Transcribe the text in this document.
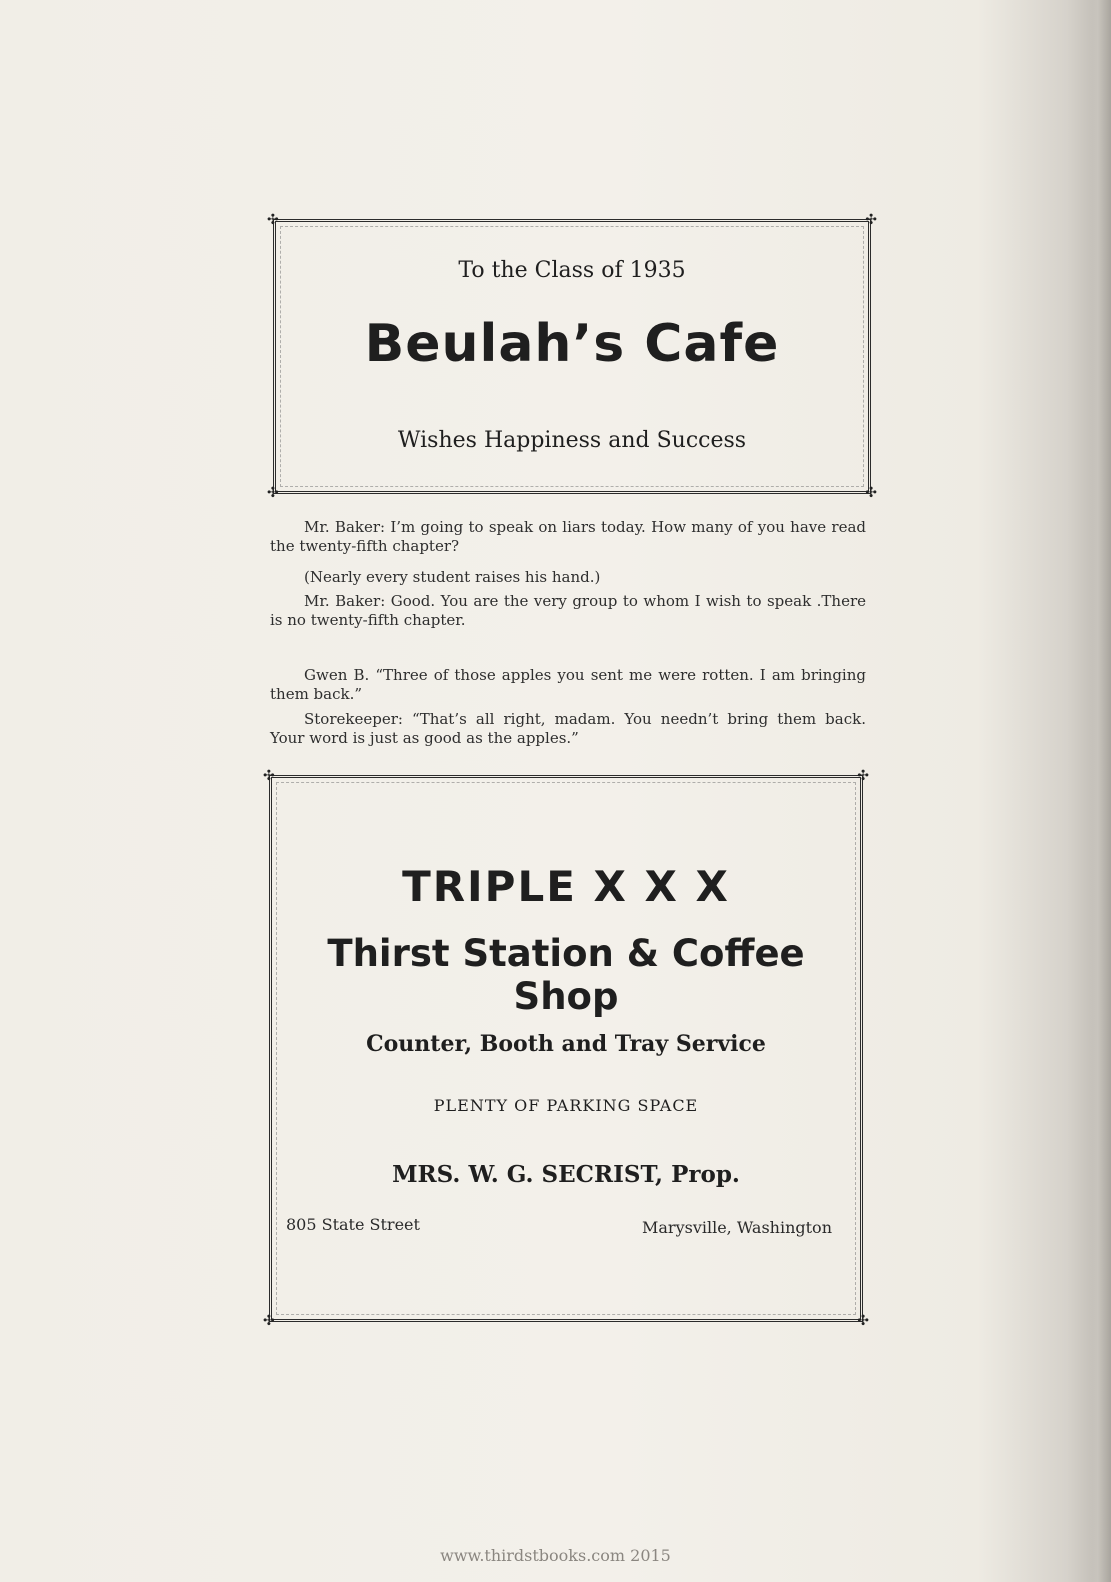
✣	✣
✣	✣
To the Class of 1935
Beulah’s Cafe
Wishes Happiness and Success

Mr. Baker: I’m going to speak on liars today. How many of you have read the twenty-fifth chapter?

(Nearly every student raises his hand.)

Mr. Baker: Good. You are the very group to whom I wish to speak .There is no twenty-fifth chapter.

Gwen B. “Three of those apples you sent me were rotten. I am bringing them back.”

Storekeeper: “That’s all right, madam. You needn’t bring them back. Your word is just as good as the apples.”

✣	✣
✣	✣
TRIPLE X X X
Thirst Station & Coffee Shop
Counter, Booth and Tray Service
PLENTY OF PARKING SPACE
MRS. W. G. SECRIST, Prop.
805 State Street	Marysville, Washington
www.thirdstbooks.com 2015
